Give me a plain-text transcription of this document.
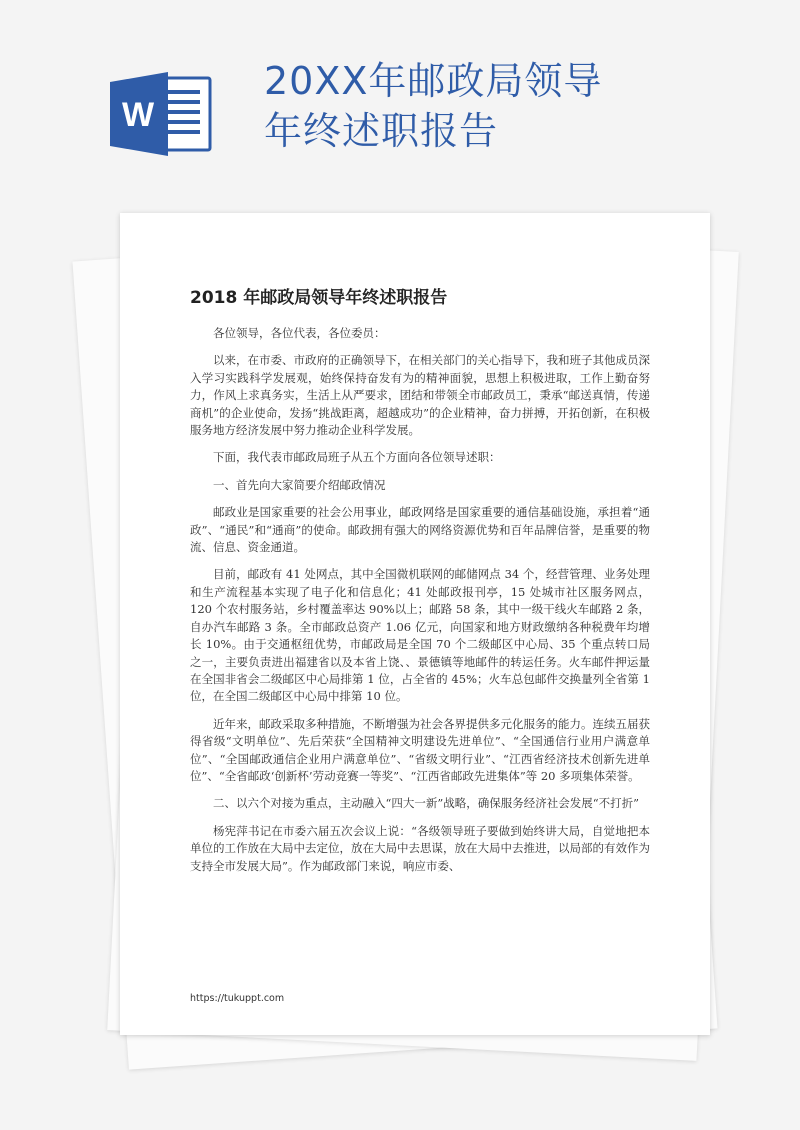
W
20XX年邮政局领导
年终述职报告
2018 年邮政局领导年终述职报告

各位领导，各位代表，各位委员：

以来，在市委、市政府的正确领导下，在相关部门的关心指导下，我和班子其他成员深入学习实践科学发展观，始终保持奋发有为的精神面貌，思想上积极进取，工作上勤奋努力，作风上求真务实，生活上从严要求，团结和带领全市邮政员工，秉承“邮送真情，传递商机”的企业使命，发扬“挑战距离，超越成功”的企业精神，奋力拼搏，开拓创新，在积极服务地方经济发展中努力推动企业科学发展。

下面，我代表市邮政局班子从五个方面向各位领导述职：

一、首先向大家简要介绍邮政情况

邮政业是国家重要的社会公用事业，邮政网络是国家重要的通信基础设施，承担着“通政”、“通民”和“通商”的使命。邮政拥有强大的网络资源优势和百年品牌信誉，是重要的物流、信息、资金通道。

目前，邮政有 41 处网点，其中全国微机联网的邮储网点 34 个，经营管理、业务处理和生产流程基本实现了电子化和信息化；41 处邮政报刊亭，15 处城市社区服务网点，120 个农村服务站，乡村覆盖率达 90%以上；邮路 58 条，其中一级干线火车邮路 2 条，自办汽车邮路 3 条。全市邮政总资产 1.06 亿元，向国家和地方财政缴纳各种税费年均增长 10%。由于交通枢纽优势，市邮政局是全国 70 个二级邮区中心局、35 个重点转口局之一，主要负责进出福建省以及本省上饶、、景德镇等地邮件的转运任务。火车邮件押运量在全国非省会二级邮区中心局排第 1 位，占全省的 45%；火车总包邮件交换量列全省第 1 位，在全国二级邮区中心局中排第 10 位。

近年来，邮政采取多种措施，不断增强为社会各界提供多元化服务的能力。连续五届获得省级“文明单位”、先后荣获“全国精神文明建设先进单位”、“全国通信行业用户满意单位”、“全国邮政通信企业用户满意单位”、“省级文明行业”、“江西省经济技术创新先进单位”、“全省邮政‘创新杯’劳动竞赛一等奖”、“江西省邮政先进集体”等 20 多项集体荣誉。

二、以六个对接为重点，主动融入“四大一新”战略，确保服务经济社会发展“不打折”

杨宪萍书记在市委六届五次会议上说：“各级领导班子要做到始终讲大局，自觉地把本单位的工作放在大局中去定位，放在大局中去思谋，放在大局中去推进，以局部的有效作为支持全市发展大局”。作为邮政部门来说，响应市委、

https://tukuppt.com
